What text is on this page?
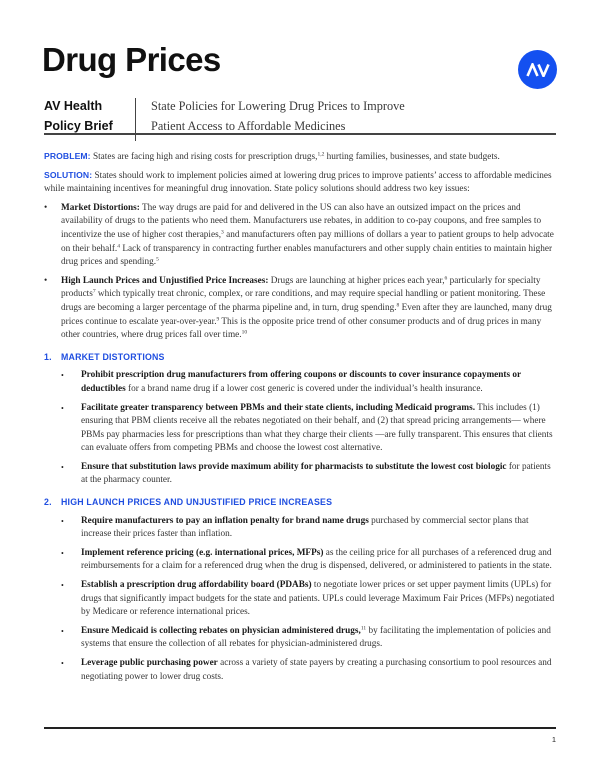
Drug Prices
AV Health
Policy Brief
State Policies for Lowering Drug Prices to Improve
Patient Access to Affordable Medicines

PROBLEM: States are facing high and rising costs for prescription drugs,$^{1,2}$ hurting families, businesses, and state budgets.

SOLUTION: States should work to implement policies aimed at lowering drug prices to improve patients’ access to affordable medicines while maintaining incentives for meaningful drug innovation. State policy solutions should address two key issues:

• Market Distortions: The way drugs are paid for and delivered in the US can also have an outsized impact on the prices and availability of drugs to the patients who need them. Manufacturers use rebates, in addition to co-pay coupons, and free samples to incentivize the use of higher cost therapies,$^3$ and manufacturers often pay millions of dollars a year to patient groups to help advocate on their behalf.$^4$ Lack of transparency in contracting further enables manufacturers and other supply chain entities to maintain higher drug prices and spending.$^5$
• High Launch Prices and Unjustified Price Increases: Drugs are launching at higher prices each year,$^6$ particularly for specialty products$^7$ which typically treat chronic, complex, or rare conditions, and may require special handling or patient monitoring. These drugs are becoming a larger percentage of the pharma pipeline and, in turn, drug spending.$^8$ Even after they are launched, many drug prices continue to escalate year-over-year.$^9$ This is the opposite price trend of other consumer products and of drug prices in many other countries, where drug prices fall over time.$^{10}$
1.	MARKET DISTORTIONS
• Prohibit prescription drug manufacturers from offering coupons or discounts to cover insurance copayments or deductibles for a brand name drug if a lower cost generic is covered under the individual’s health insurance.
• Facilitate greater transparency between PBMs and their state clients, including Medicaid programs. This includes (1) ensuring that PBM clients receive all the rebates negotiated on their behalf, and (2) that spread pricing arrangements— where PBMs pay pharmacies less for prescriptions than what they charge their clients —are fully transparent. This ensures that clients can evaluate offers from competing PBMs and choose the lowest cost alternative.
• Ensure that substitution laws provide maximum ability for pharmacists to substitute the lowest cost biologic for patients at the pharmacy counter.
2.	HIGH LAUNCH PRICES AND UNJUSTIFIED PRICE INCREASES
• Require manufacturers to pay an inflation penalty for brand name drugs purchased by commercial sector plans that increase their prices faster than inflation.
• Implement reference pricing (e.g. international prices, MFPs) as the ceiling price for all purchases of a referenced drug and reimbursements for a claim for a referenced drug when the drug is dispensed, delivered, or administered to patients in the state.
• Establish a prescription drug affordability board (PDABs) to negotiate lower prices or set upper payment limits (UPLs) for drugs that significantly impact budgets for the state and patients. UPLs could leverage Maximum Fair Prices (MFPs) negotiated by Medicare or reference international prices.
• Ensure Medicaid is collecting rebates on physician administered drugs,$^{11}$ by facilitating the implementation of policies and systems that ensure the collection of all rebates for physician-administered drugs.
• Leverage public purchasing power across a variety of state payers by creating a purchasing consortium to pool resources and negotiating power to lower drug costs.
1
